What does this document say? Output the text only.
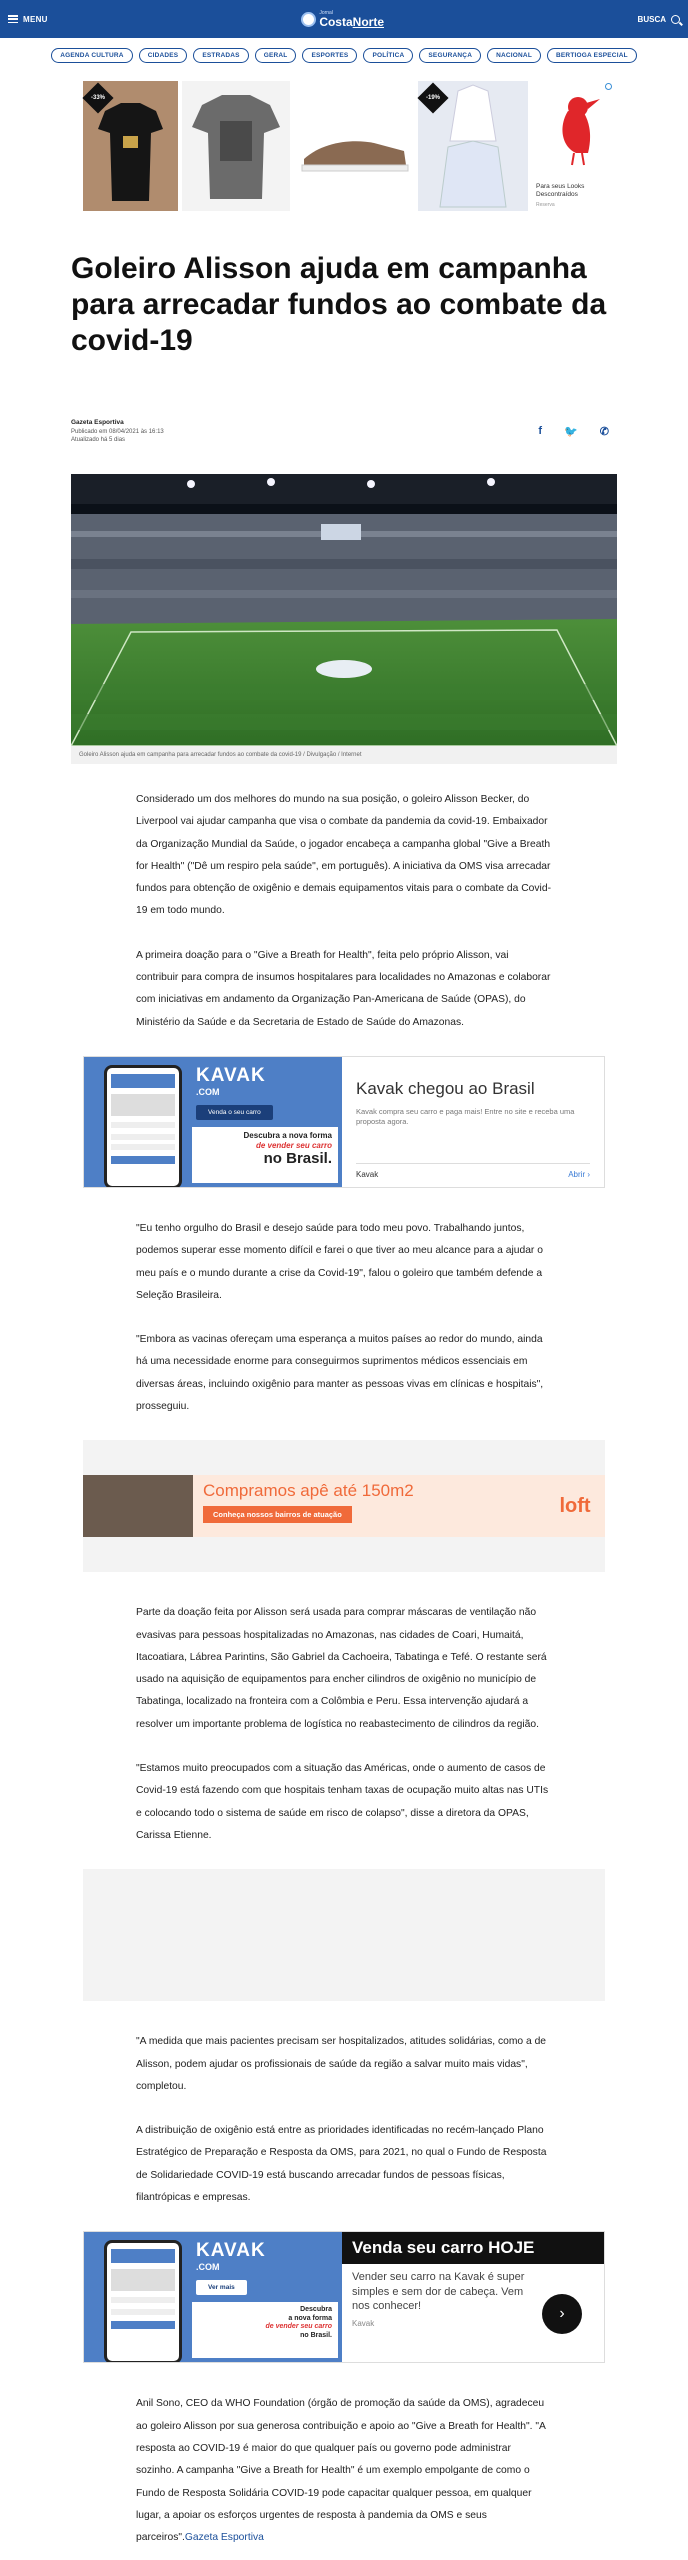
MENU
Jornal
CostaNorte	BUSCA
AGENDA CULTURA	CIDADES	ESTRADAS	GERAL	ESPORTES	POLÍTICA	SEGURANÇA	NACIONAL	BERTIOGA ESPECIAL
-33%	-19%
Para seus Looks Descontraídos
Reserva
Goleiro Alisson ajuda em campanha para arrecadar fundos ao combate da covid-19
Gazeta Esportiva
Publicado em 08/04/2021 às 16:13
Atualizado há 5 dias
f 🐦 ✆
Goleiro Alisson ajuda em campanha para arrecadar fundos ao combate da covid-19 / Divulgação / Internet

Considerado um dos melhores do mundo na sua posição, o goleiro Alisson Becker, do Liverpool vai ajudar campanha que visa o combate da pandemia da covid-19. Embaixador da Organização Mundial da Saúde, o jogador encabeça a campanha global "Give a Breath for Health" ("Dê um respiro pela saúde", em português). A iniciativa da OMS visa arrecadar fundos para obtenção de oxigênio e demais equipamentos vitais para o combate da Covid-19 em todo mundo.

A primeira doação para o "Give a Breath for Health", feita pelo próprio Alisson, vai contribuir para compra de insumos hospitalares para localidades no Amazonas e colaborar com iniciativas em andamento da Organização Pan-Americana de Saúde (OPAS), do Ministério da Saúde e da Secretaria de Estado de Saúde do Amazonas.

KAVAK
.COM
Venda o seu carro
Descubra a nova forma
de vender seu carro
no Brasil.
Kavak chegou ao Brasil
Kavak compra seu carro e paga mais! Entre no site e receba uma proposta agora.
Kavak	Abrir ›

"Eu tenho orgulho do Brasil e desejo saúde para todo meu povo. Trabalhando juntos, podemos superar esse momento difícil e farei o que tiver ao meu alcance para a ajudar o meu país e o mundo durante a crise da Covid-19", falou o goleiro que também defende a Seleção Brasileira.

"Embora as vacinas ofereçam uma esperança a muitos países ao redor do mundo, ainda há uma necessidade enorme para conseguirmos suprimentos médicos essenciais em diversas áreas, incluindo oxigênio para manter as pessoas vivas em clínicas e hospitais", prosseguiu.

Compramos apê até 150m2
Conheça nossos bairros de atuação	loft

Parte da doação feita por Alisson será usada para comprar máscaras de ventilação não evasivas para pessoas hospitalizadas no Amazonas, nas cidades de Coari, Humaitá, Itacoatiara, Lábrea Parintins, São Gabriel da Cachoeira, Tabatinga e Tefé. O restante será usado na aquisição de equipamentos para encher cilindros de oxigênio no município de Tabatinga, localizado na fronteira com a Colômbia e Peru. Essa intervenção ajudará a resolver um importante problema de logística no reabastecimento de cilindros da região.

"Estamos muito preocupados com a situação das Américas, onde o aumento de casos de Covid-19 está fazendo com que hospitais tenham taxas de ocupação muito altas nas UTIs e colocando todo o sistema de saúde em risco de colapso", disse a diretora da OPAS, Carissa Etienne.

"A medida que mais pacientes precisam ser hospitalizados, atitudes solidárias, como a de Alisson, podem ajudar os profissionais de saúde da região a salvar muito mais vidas", completou.

A distribuição de oxigênio está entre as prioridades identificadas no recém-lançado Plano Estratégico de Preparação e Resposta da OMS, para 2021, no qual o Fundo de Resposta de Solidariedade COVID-19 está buscando arrecadar fundos de pessoas físicas, filantrópicas e empresas.

KAVAK
.COM
Ver mais
Descubra
a nova forma
de vender seu carro
no Brasil.
Venda seu carro HOJE
Vender seu carro na Kavak é super simples e sem dor de cabeça. Vem nos conhecer!
Kavak
›

Anil Sono, CEO da WHO Foundation (órgão de promoção da saúde da OMS), agradeceu ao goleiro Alisson por sua generosa contribuição e apoio ao "Give a Breath for Health". "A resposta ao COVID-19 é maior do que qualquer país ou governo pode administrar sozinho. A campanha "Give a Breath for Health" é um exemplo empolgante de como o Fundo de Resposta Solidária COVID-19 pode capacitar qualquer pessoa, em qualquer lugar, a apoiar os esforços urgentes de resposta à pandemia da OMS e seus parceiros".Gazeta Esportiva
